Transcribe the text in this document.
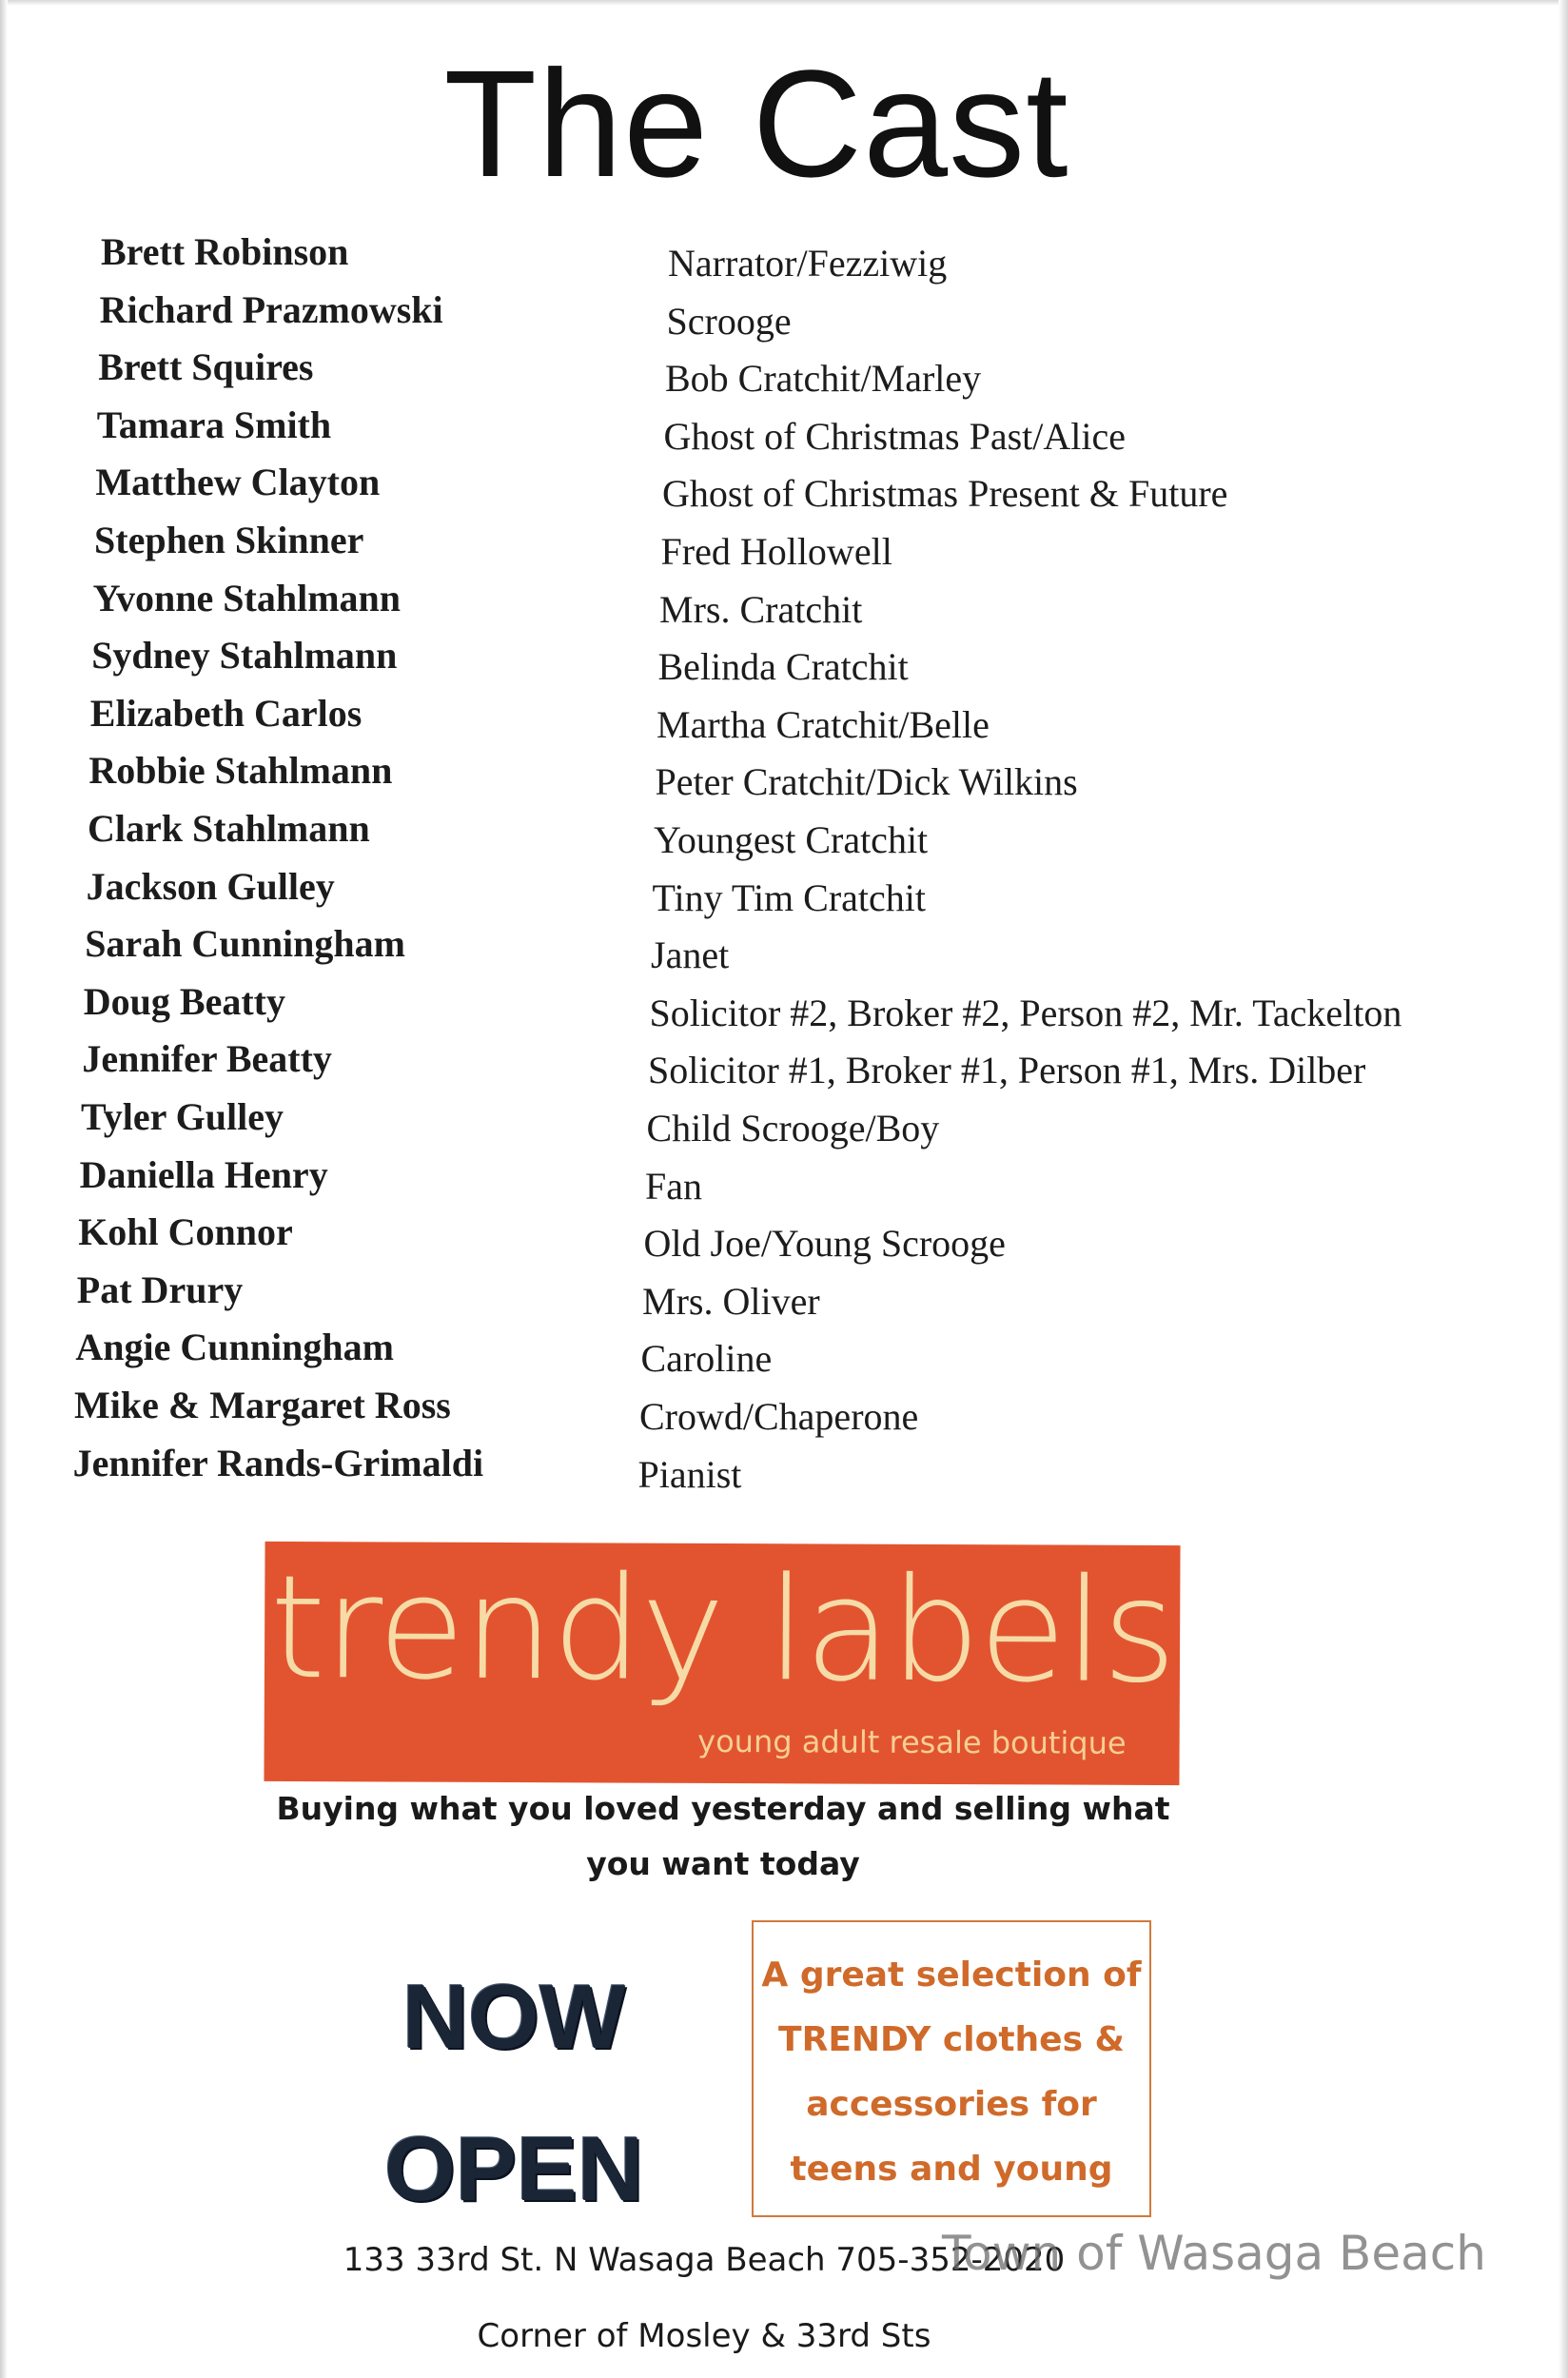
The Cast
Brett Robinson	Narrator/Fezziwig
Richard Prazmowski	Scrooge
Brett Squires	Bob Cratchit/Marley
Tamara Smith	Ghost of Christmas Past/Alice
Matthew Clayton	Ghost of Christmas Present & Future
Stephen Skinner	Fred Hollowell
Yvonne Stahlmann	Mrs. Cratchit
Sydney Stahlmann	Belinda Cratchit
Elizabeth Carlos	Martha Cratchit/Belle
Robbie Stahlmann	Peter Cratchit/Dick Wilkins
Clark Stahlmann	Youngest Cratchit
Jackson Gulley	Tiny Tim Cratchit
Sarah Cunningham	Janet
Doug Beatty	Solicitor #2, Broker #2, Person #2, Mr. Tackelton
Jennifer Beatty	Solicitor #1, Broker #1, Person #1, Mrs. Dilber
Tyler Gulley	Child Scrooge/Boy
Daniella Henry	Fan
Kohl Connor	Old Joe/Young Scrooge
Pat Drury	Mrs. Oliver
Angie Cunningham	Caroline
Mike & Margaret Ross	Crowd/Chaperone
Jennifer Rands-Grimaldi	Pianist
trendy labels
young adult resale boutique
Buying what you loved yesterday and selling what
you want today
NOW
OPEN
A great selection of
TRENDY clothes &
accessories for
teens and young
133 33rd St. N Wasaga Beach 705-352-2020
Corner of Mosley & 33rd Sts
Town of Wasaga Beach
